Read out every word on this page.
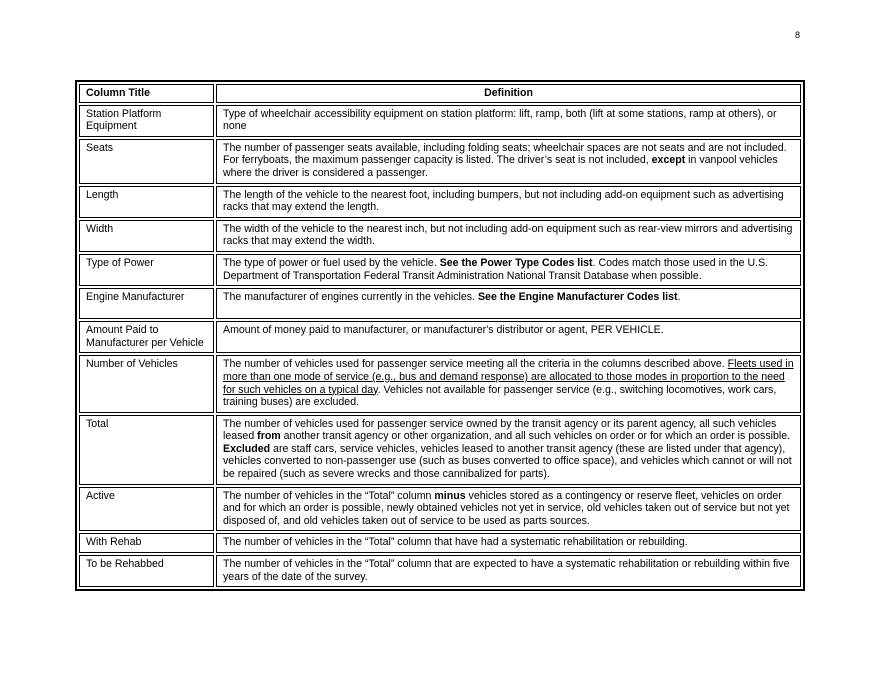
8
Column Title	Definition
Station Platform Equipment	Type of wheelchair accessibility equipment on station platform: lift, ramp, both (lift at some stations, ramp at others), or none
Seats	The number of passenger seats available, including folding seats; wheelchair spaces are not seats and are not included. For ferryboats, the maximum passenger capacity is listed. The driver’s seat is not included, except in vanpool vehicles where the driver is considered a passenger.
Length	The length of the vehicle to the nearest foot, including bumpers, but not including add-on equipment such as advertising racks that may extend the length.
Width	The width of the vehicle to the nearest inch, but not including add-on equipment such as rear-view mirrors and advertising racks that may extend the width.
Type of Power	The type of power or fuel used by the vehicle. See the Power Type Codes list. Codes match those used in the U.S. Department of Transportation Federal Transit Administration National Transit Database when possible.
Engine Manufacturer	The manufacturer of engines currently in the vehicles. See the Engine Manufacturer Codes list.
Amount Paid to Manufacturer per Vehicle	Amount of money paid to manufacturer, or manufacturer's distributor or agent, PER VEHICLE.
Number of Vehicles	The number of vehicles used for passenger service meeting all the criteria in the columns described above. Fleets used in more than one mode of service (e.g., bus and demand response) are allocated to those modes in proportion to the need for such vehicles on a typical day. Vehicles not available for passenger service (e.g., switching locomotives, work cars, training buses) are excluded.
Total	The number of vehicles used for passenger service owned by the transit agency or its parent agency, all such vehicles leased from another transit agency or other organization, and all such vehicles on order or for which an order is possible. Excluded are staff cars, service vehicles, vehicles leased to another transit agency (these are listed under that agency), vehicles converted to non-passenger use (such as buses converted to office space), and vehicles which cannot or will not be repaired (such as severe wrecks and those cannibalized for parts).
Active	The number of vehicles in the “Total” column minus vehicles stored as a contingency or reserve fleet, vehicles on order and for which an order is possible, newly obtained vehicles not yet in service, old vehicles taken out of service but not yet disposed of, and old vehicles taken out of service to be used as parts sources.
With Rehab	The number of vehicles in the “Total” column that have had a systematic rehabilitation or rebuilding.
To be Rehabbed	The number of vehicles in the “Total” column that are expected to have a systematic rehabilitation or rebuilding within five years of the date of the survey.
